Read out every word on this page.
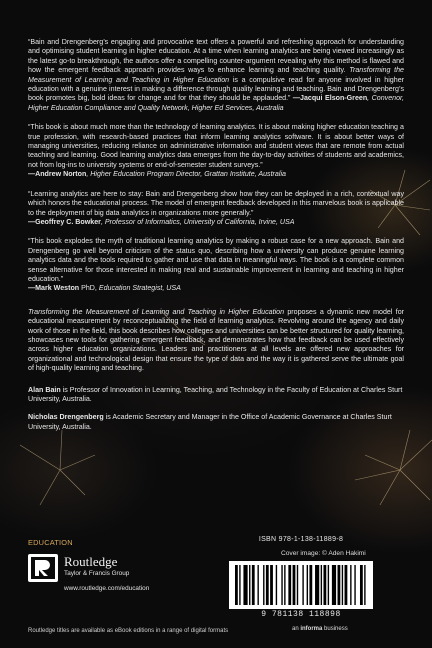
“Bain and Drengenberg’s engaging and provocative text offers a powerful and refreshing approach for understanding and optimising student learning in higher education. At a time when learning analytics are being viewed increasingly as the latest go-to breakthrough, the authors offer a compelling counter-argument revealing why this method is flawed and how the emergent feedback approach provides ways to enhance learning and teaching quality. Transforming the Measurement of Learning and Teaching in Higher Education is a compulsive read for anyone involved in higher education with a genuine interest in making a difference through quality learning and teaching. Bain and Drengenberg’s book promotes big, bold ideas for change and for that they should be applauded.” —Jacqui Elson-Green, Convenor, Higher Education Compliance and Quality Network, Higher Ed Services, Australia

“This book is about much more than the technology of learning analytics. It is about making higher education teaching a true profession, with research-based practices that inform learning analytics software. It is about better ways of managing universities, reducing reliance on administrative information and student views that are remote from actual teaching and learning. Good learning analytics data emerges from the day-to-day activities of students and academics, not from log-ins to university systems or end-of-semester student surveys.”
—Andrew Norton, Higher Education Program Director, Grattan Institute, Australia

“Learning analytics are here to stay: Bain and Drengenberg show how they can be deployed in a rich, contextual way which honors the educational process. The model of emergent feedback developed in this marvelous book is applicable to the deployment of big data analytics in organizations more generally.”
—Geoffrey C. Bowker, Professor of Informatics, University of California, Irvine, USA

“This book explodes the myth of traditional learning analytics by making a robust case for a new approach. Bain and Drengenberg go well beyond criticism of the status quo, describing how a university can produce genuine learning analytics data and the tools required to gather and use that data in meaningful ways. The book is a complete common sense alternative for those interested in making real and sustainable improvement in learning and teaching in higher education.”
—Mark Weston PhD, Education Strategist, USA

Transforming the Measurement of Learning and Teaching in Higher Education proposes a dynamic new model for educational measurement by reconceptualizing the field of learning analytics. Revolving around the agency and daily work of those in the field, this book describes how colleges and universities can be better structured for quality learning, showcases new tools for gathering emergent feedback, and demonstrates how that feedback can be used effectively across higher education organizations. Leaders and practitioners at all levels are offered new approaches for organizational and technological design that ensure the type of data and the way it is gathered serve the ultimate goal of high-quality learning and teaching.

Alan Bain is Professor of Innovation in Learning, Teaching, and Technology in the Faculty of Education at Charles Sturt University, Australia.

Nicholas Drengenberg is Academic Secretary and Manager in the Office of Academic Governance at Charles Sturt University, Australia.

EDUCATION
Routledge
Taylor & Francis Group
www.routledge.com/education
Cover image: © Aden Hakimi
ISBN 978-1-138-11889-8
9 781138 118898
an informa business
Routledge titles are available as eBook editions in a range of digital formats
